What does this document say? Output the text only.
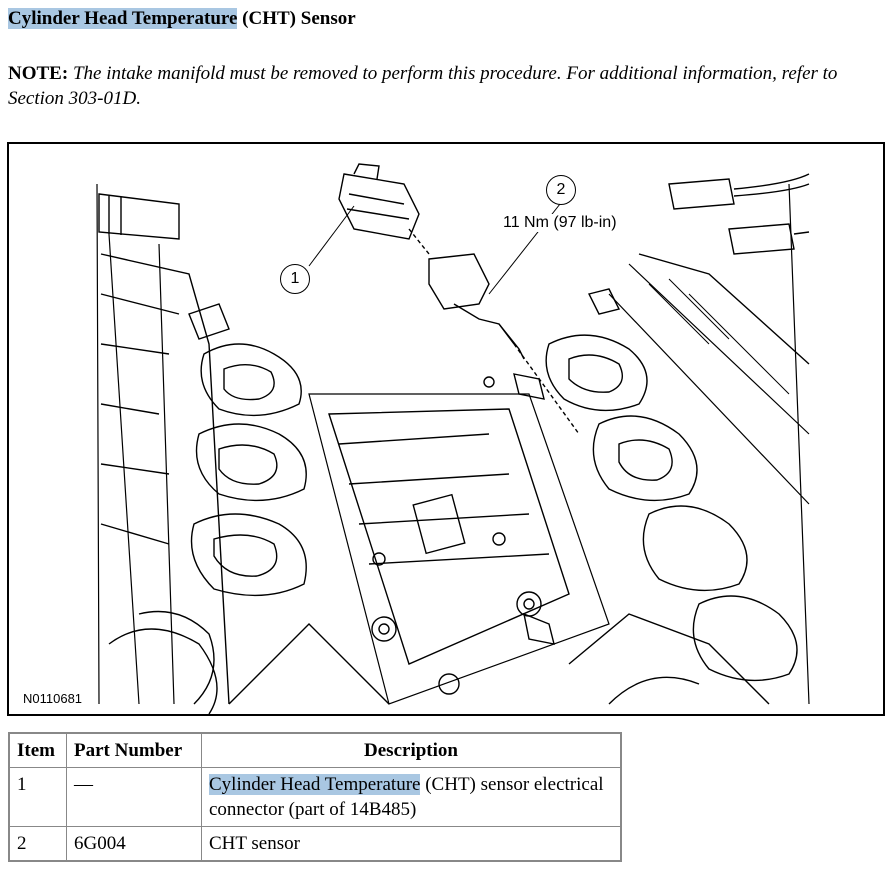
Cylinder Head Temperature (CHT) Sensor
NOTE: The intake manifold must be removed to perform this procedure. For additional information, refer to Section 303-01D.
1
2
11 Nm (97 lb-in)
N0110681
Item	Part Number	Description
1	—	Cylinder Head Temperature (CHT) sensor electrical connector (part of 14B485)
2	6G004	CHT sensor
